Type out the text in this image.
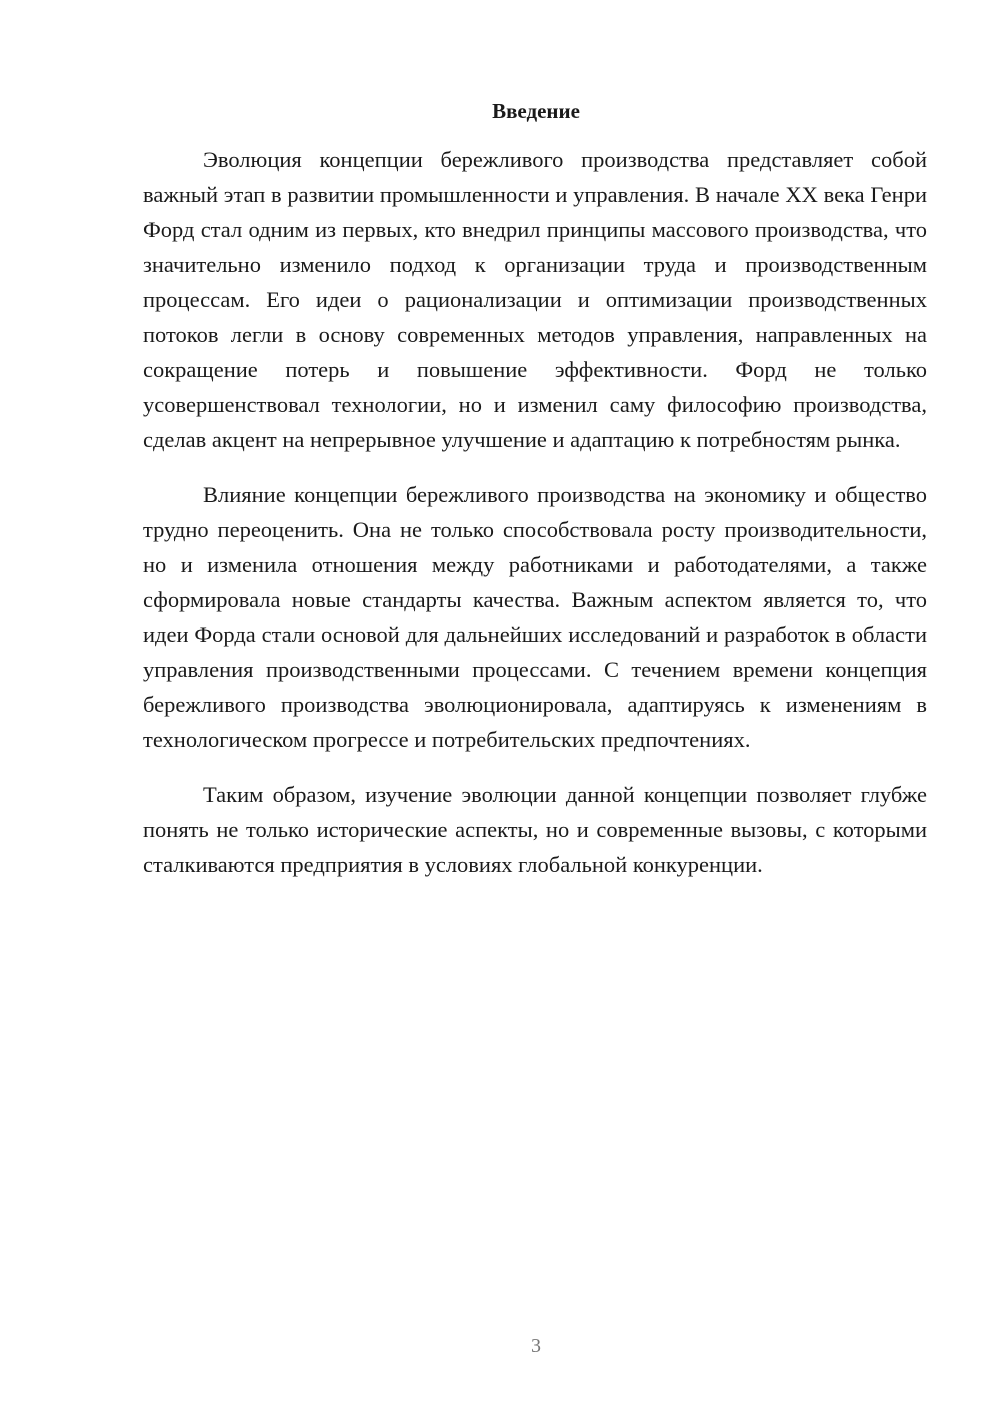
Введение

Эволюция концепции бережливого производства представляет собой важный этап в развитии промышленности и управления. В начале XX века Генри Форд стал одним из первых, кто внедрил принципы массового производства, что значительно изменило подход к организации труда и производственным процессам. Его идеи о рационализации и оптимизации производственных потоков легли в основу современных методов управления, направленных на сокращение потерь и повышение эффективности. Форд не только усовершенствовал технологии, но и изменил саму философию производства, сделав акцент на непрерывное улучшение и адаптацию к потребностям рынка.

Влияние концепции бережливого производства на экономику и общество трудно переоценить. Она не только способствовала росту производительности, но и изменила отношения между работниками и работодателями, а также сформировала новые стандарты качества. Важным аспектом является то, что идеи Форда стали основой для дальнейших исследований и разработок в области управления производственными процессами. С течением времени концепция бережливого производства эволюционировала, адаптируясь к изменениям в технологическом прогрессе и потребительских предпочтениях.

Таким образом, изучение эволюции данной концепции позволяет глубже понять не только исторические аспекты, но и современные вызовы, с которыми сталкиваются предприятия в условиях глобальной конкуренции.

3
